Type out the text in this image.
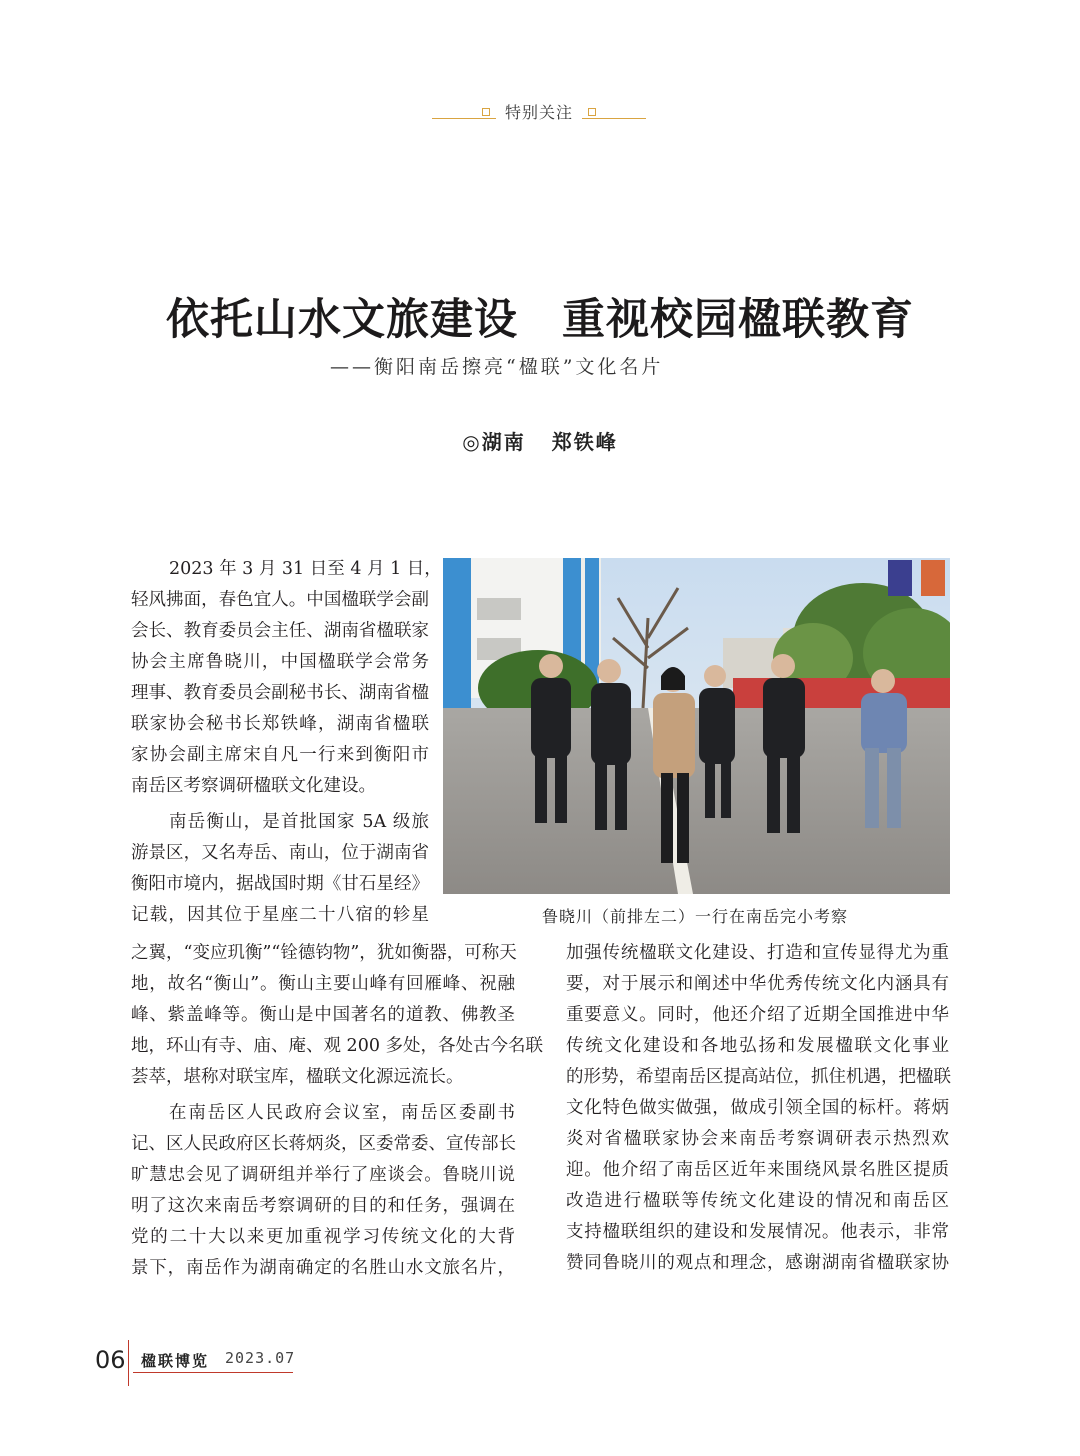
特别关注
依托山水文旅建设 重视校园楹联教育
——衡阳南岳擦亮“楹联”文化名片
◎湖南 郑铁峰

2023 年 3 月 31 日至 4 月 1 日，

轻风拂面，春色宜人。中国楹联学会副

会长、教育委员会主任、湖南省楹联家

协会主席鲁晓川，中国楹联学会常务

理事、教育委员会副秘书长、湖南省楹

联家协会秘书长郑铁峰，湖南省楹联

家协会副主席宋自凡一行来到衡阳市

南岳区考察调研楹联文化建设。

南岳衡山，是首批国家 5A 级旅

游景区，又名寿岳、南山，位于湖南省

衡阳市境内，据战国时期《甘石星经》

记载，因其位于星座二十八宿的轸星

之翼，“变应玑衡”“铨德钧物”，犹如衡器，可称天

地，故名“衡山”。衡山主要山峰有回雁峰、祝融

峰、紫盖峰等。衡山是中国著名的道教、佛教圣

地，环山有寺、庙、庵、观 200 多处，各处古今名联

荟萃，堪称对联宝库，楹联文化源远流长。

在南岳区人民政府会议室，南岳区委副书

记、区人民政府区长蒋炳炎，区委常委、宣传部长

旷慧忠会见了调研组并举行了座谈会。鲁晓川说

明了这次来南岳考察调研的目的和任务，强调在

党的二十大以来更加重视学习传统文化的大背

景下，南岳作为湖南确定的名胜山水文旅名片，

鲁晓川（前排左二）一行在南岳完小考察

加强传统楹联文化建设、打造和宣传显得尤为重

要，对于展示和阐述中华优秀传统文化内涵具有

重要意义。同时，他还介绍了近期全国推进中华

传统文化建设和各地弘扬和发展楹联文化事业

的形势，希望南岳区提高站位，抓住机遇，把楹联

文化特色做实做强，做成引领全国的标杆。蒋炳

炎对省楹联家协会来南岳考察调研表示热烈欢

迎。他介绍了南岳区近年来围绕风景名胜区提质

改造进行楹联等传统文化建设的情况和南岳区

支持楹联组织的建设和发展情况。他表示，非常

赞同鲁晓川的观点和理念，感谢湖南省楹联家协

06 楹联博览 2023.07
